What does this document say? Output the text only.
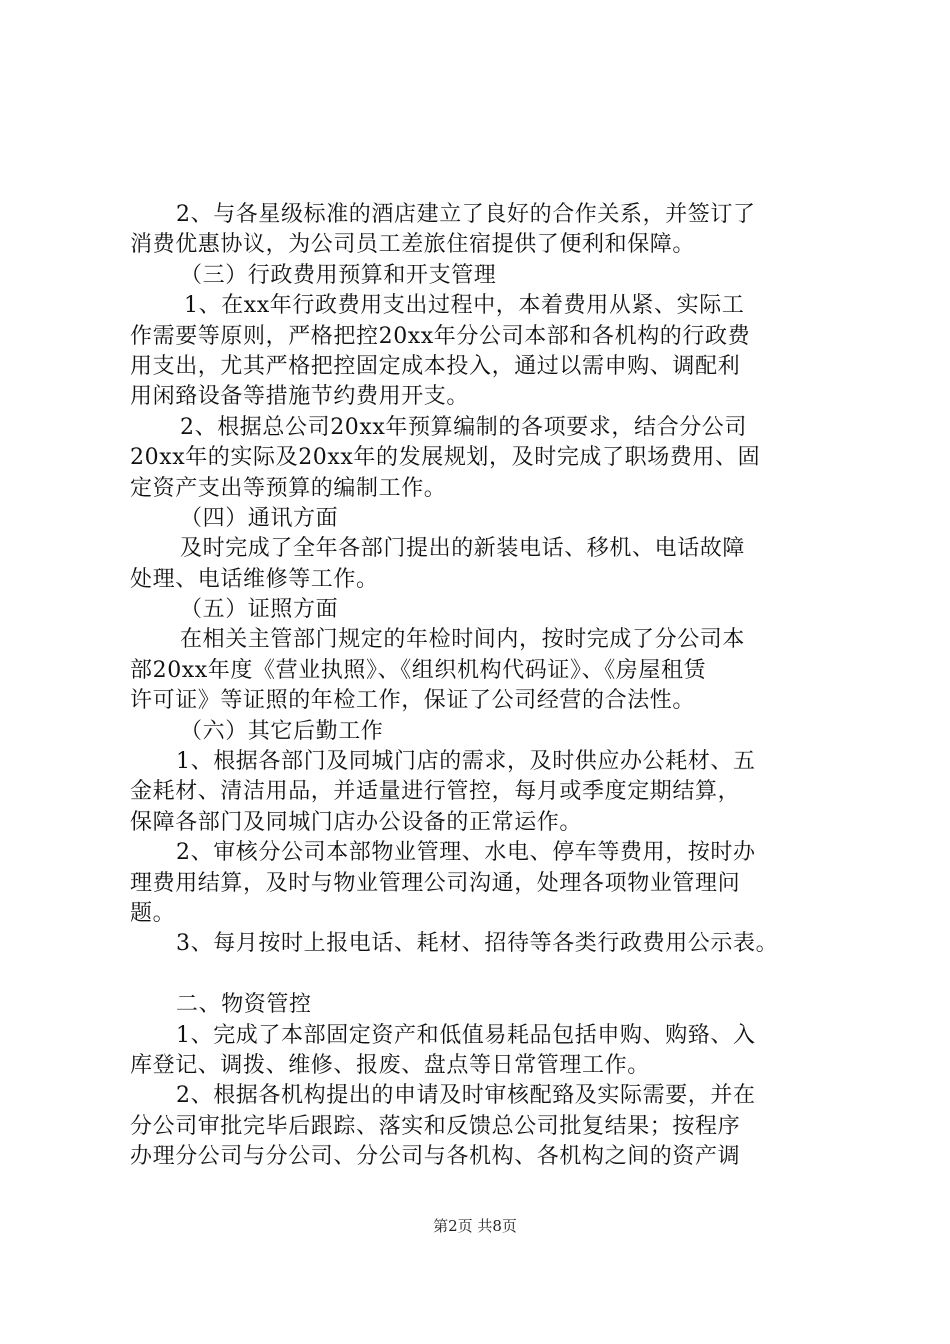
2、与各星级标准的酒店建立了良好的合作关系，并签订了
消费优惠协议，为公司员工差旅住宿提供了便利和保障。
（三）行政费用预算和开支管理
1、在xx年行政费用支出过程中，本着费用从紧、实际工
作需要等原则，严格把控20xx年分公司本部和各机构的行政费
用支出，尤其严格把控固定成本投入，通过以需申购、调配利
用闲臵设备等措施节约费用开支。
2、根据总公司20xx年预算编制的各项要求，结合分公司
20xx年的实际及20xx年的发展规划，及时完成了职场费用、固
定资产支出等预算的编制工作。
（四）通讯方面
及时完成了全年各部门提出的新装电话、移机、电话故障
处理、电话维修等工作。
（五）证照方面
在相关主管部门规定的年检时间内，按时完成了分公司本
部20xx年度《营业执照》、《组织机构代码证》、《房屋租赁
许可证》等证照的年检工作，保证了公司经营的合法性。
（六）其它后勤工作
1、根据各部门及同城门店的需求，及时供应办公耗材、五
金耗材、清洁用品，并适量进行管控，每月或季度定期结算，
保障各部门及同城门店办公设备的正常运作。
2、审核分公司本部物业管理、水电、停车等费用，按时办
理费用结算，及时与物业管理公司沟通，处理各项物业管理问
题。
3、每月按时上报电话、耗材、招待等各类行政费用公示表。
二、物资管控
1、完成了本部固定资产和低值易耗品包括申购、购臵、入
库登记、调拨、维修、报废、盘点等日常管理工作。
2、根据各机构提出的申请及时审核配臵及实际需要，并在
分公司审批完毕后跟踪、落实和反馈总公司批复结果；按程序
办理分公司与分公司、分公司与各机构、各机构之间的资产调
第2页 共8页
